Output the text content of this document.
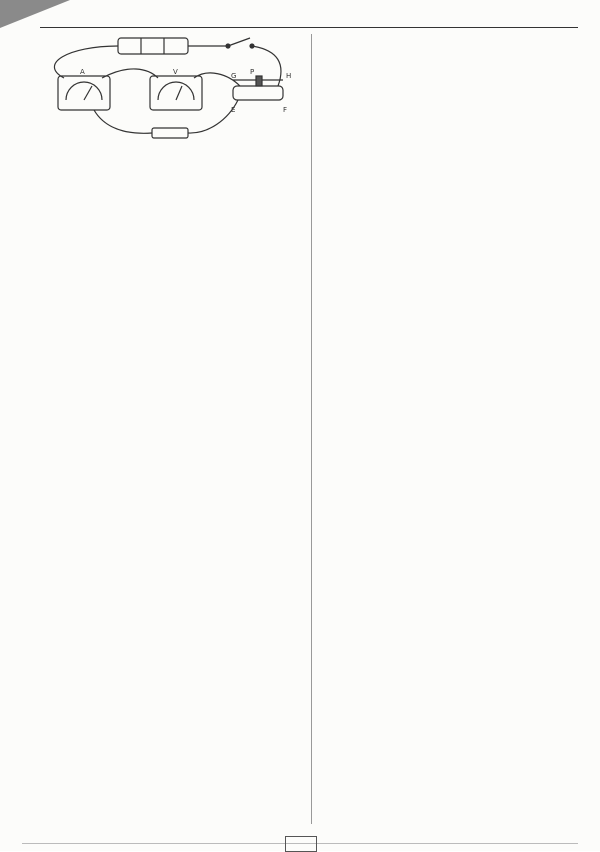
A	V	G P	H
E	F
